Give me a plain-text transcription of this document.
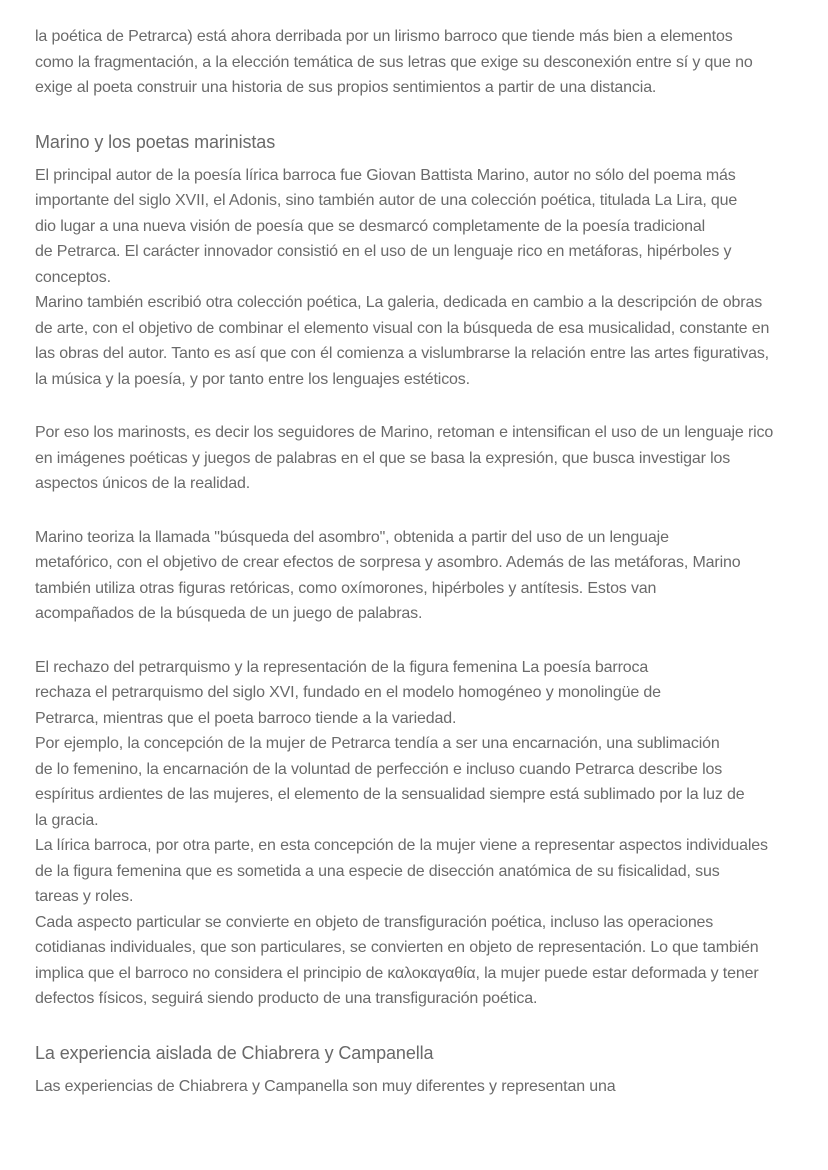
la poética de Petrarca) está ahora derribada por un lirismo barroco que tiende más bien a elementos
como la fragmentación, a la elección temática de sus letras que exige su desconexión entre sí y que no
exige al poeta construir una historia de sus propios sentimientos a partir de una distancia.
Marino y los poetas marinistas
El principal autor de la poesía lírica barroca fue Giovan Battista Marino, autor no sólo del poema más
importante del siglo XVII, el Adonis, sino también autor de una colección poética, titulada La Lira, que
dio lugar a una nueva visión de poesía que se desmarcó completamente de la poesía tradicional
de Petrarca. El carácter innovador consistió en el uso de un lenguaje rico en metáforas, hipérboles y
conceptos.
Marino también escribió otra colección poética, La galeria, dedicada en cambio a la descripción de obras
de arte, con el objetivo de combinar el elemento visual con la búsqueda de esa musicalidad, constante en
las obras del autor. Tanto es así que con él comienza a vislumbrarse la relación entre las artes figurativas,
la música y la poesía, y por tanto entre los lenguajes estéticos.
Por eso los marinosts, es decir los seguidores de Marino, retoman e intensifican el uso de un lenguaje rico
en imágenes poéticas y juegos de palabras en el que se basa la expresión, que busca investigar los
aspectos únicos de la realidad.
Marino teoriza la llamada "búsqueda del asombro", obtenida a partir del uso de un lenguaje
metafórico, con el objetivo de crear efectos de sorpresa y asombro. Además de las metáforas, Marino
también utiliza otras figuras retóricas, como oxímorones, hipérboles y antítesis. Estos van
acompañados de la búsqueda de un juego de palabras.
El rechazo del petrarquismo y la representación de la figura femenina La poesía barroca
rechaza el petrarquismo del siglo XVI, fundado en el modelo homogéneo y monolingüe de
Petrarca, mientras que el poeta barroco tiende a la variedad.
Por ejemplo, la concepción de la mujer de Petrarca tendía a ser una encarnación, una sublimación
de lo femenino, la encarnación de la voluntad de perfección e incluso cuando Petrarca describe los
espíritus ardientes de las mujeres, el elemento de la sensualidad siempre está sublimado por la luz de
la gracia.
La lírica barroca, por otra parte, en esta concepción de la mujer viene a representar aspectos individuales
de la figura femenina que es sometida a una especie de disección anatómica de su fisicalidad, sus
tareas y roles.
Cada aspecto particular se convierte en objeto de transfiguración poética, incluso las operaciones
cotidianas individuales, que son particulares, se convierten en objeto de representación. Lo que también
implica que el barroco no considera el principio de καλοκαγαθία, la mujer puede estar deformada y tener
defectos físicos, seguirá siendo producto de una transfiguración poética.
La experiencia aislada de Chiabrera y Campanella
Las experiencias de Chiabrera y Campanella son muy diferentes y representan una
